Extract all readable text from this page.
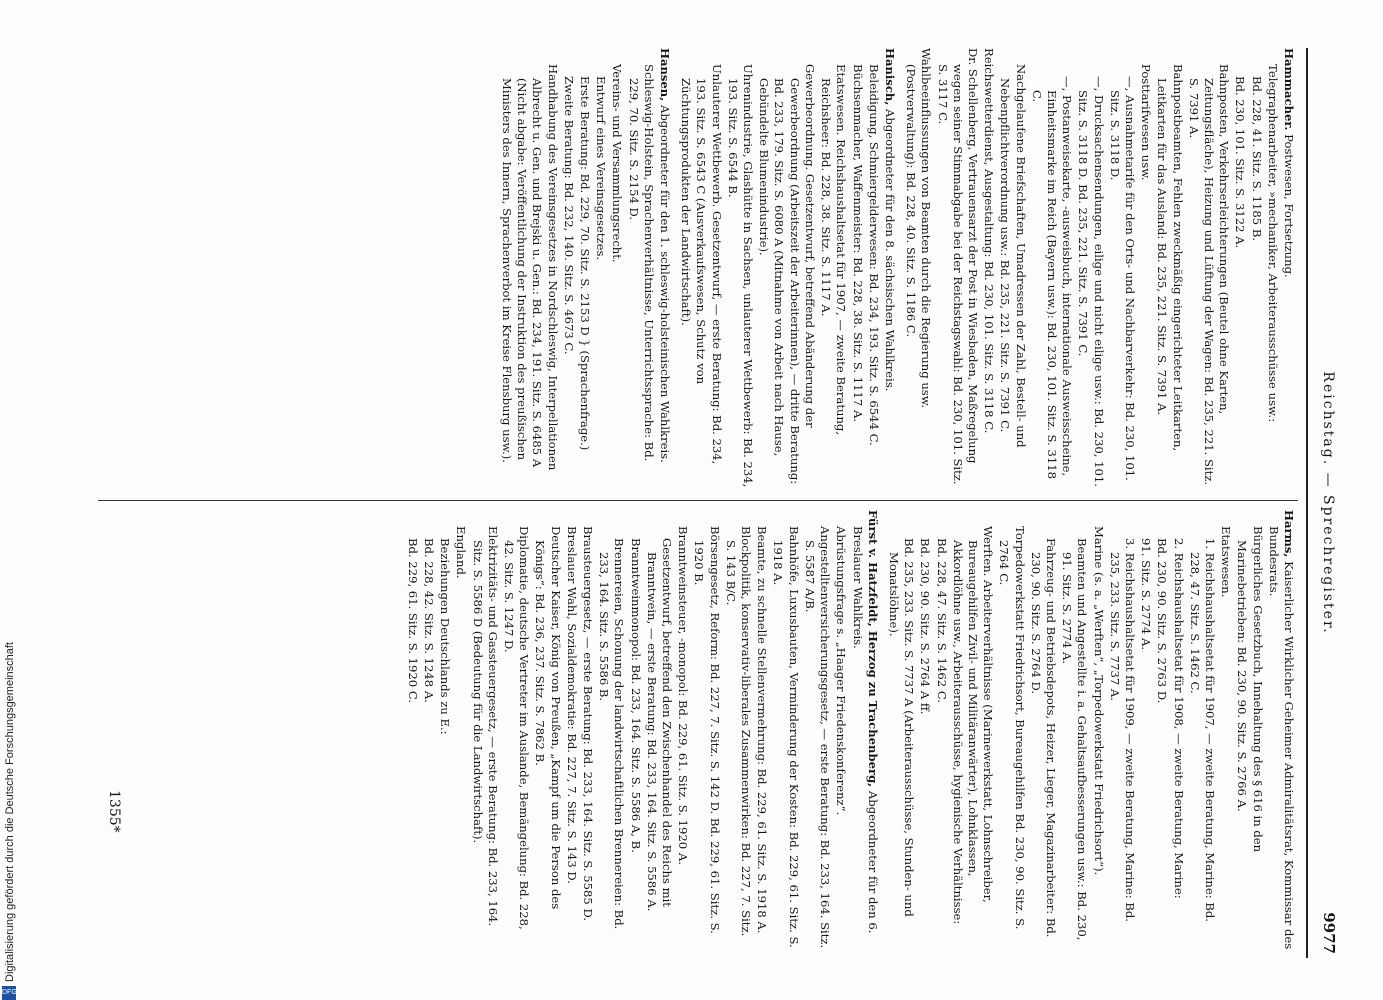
Reichstag. — Sprechregister.
9977
Hammacher. Postwesen, Fortsetzung.
Telegraphenarbeiter, »mechaniker, Arbeiterausschüsse usw.:
Bd. 228, 41. Sitz. S. 1185 B.
Bd. 230, 101. Sitz. S. 3122 A.
Bahnposten, Verkehrserleichterungen (Beutel ohne Karten, Zeitungsfläche), Heizung und Lüftung der Wagen: Bd. 235, 221. Sitz. S. 7391 A.
Bahnpostbeamten, Fehlen zweckmäßig eingerichteter Leitkarten, Leitkarten für das Ausland: Bd. 235, 221. Sitz. S. 7391 A.
Posttarifwesen usw.
—, Ausnahmetarife für den Orts- und Nachbarverkehr: Bd. 230, 101. Sitz. S. 3118 D.
—, Drucksachensendungen, eilige und nicht eilige usw.: Bd. 230, 101. Sitz. S. 3118 D. Bd. 235, 221. Sitz. S. 7391 C.
—, Postanweisekarte, ‑ausweisbuch, internationale Ausweisscheine, Einheitsmarke im Reich (Bayern usw.): Bd. 230, 101. Sitz. S. 3118 C.
Nachgelaufene Briefschaften, Umadressen der Zahl, Bestell- und Nebenpflichtverordnung usw.: Bd. 235, 221. Sitz. S. 7391 C.
Reichswetterdienst, Ausgestaltung: Bd. 230, 101. Sitz. S. 3118 C.
Dr. Schellenberg, Vertrauensarzt der Post in Wiesbaden, Maßregelung wegen seiner Stimmabgabe bei der Reichstagswahl: Bd. 230, 101. Sitz. S. 3117 C.
Wahlbeeinflussungen von Beamten durch die Regierung usw. (Postverwaltung): Bd. 228, 40. Sitz. S. 1186 C.
Hanisch, Abgeordneter für den 8. sächsischen Wahlkreis.
Beleidigung, Schmiergelderwesen: Bd. 234, 193. Sitz. S. 6544 C.
Büchsenmacher, Waffenmeister: Bd. 228, 38. Sitz. S. 1117 A.
Etatswesen. Reichshaushaltsetat für 1907, — zweite Beratung, Reichsheer: Bd. 228, 38. Sitz. S. 1117 A.
Gewerbeordnung. Gesetzentwurf, betreffend Abänderung der Gewerbeordnung (Arbeitszeit der Arbeiterinnen), — dritte Beratung: Bd. 233, 179. Sitz. S. 6080 A (Mitnahme von Arbeit nach Hause, Gebündelte Blumenindustrie).
Uhrenindustrie, Glashütte in Sachsen, unlauterer Wettbewerb: Bd. 234, 193. Sitz. S. 6544 B.
Unlauterer Wettbewerb. Gesetzentwurf, — erste Beratung: Bd. 234, 193. Sitz. S. 6543 C (Ausverkaufswesen, Schutz von Züchtungsprodukten der Landwirtschaft).
Hansen, Abgeordneter für den 1. schleswig-holsteinischen Wahlkreis.
Schleswig-Holstein, Sprachenverhältnisse, Unterrichtssprache: Bd. 229, 70. Sitz. S. 2154 D.
Vereins- und Versammlungsrecht.
Entwurf eines Vereinsgesetzes.
Erste Beratung: Bd. 229, 70. Sitz. S. 2153 D } (Sprachenfrage.)
Zweite Beratung: Bd. 232, 140. Sitz. S. 4673 C.
Handhabung des Vereinsgesetzes in Nordschleswig, Interpellationen Albrecht u. Gen. und Brejski u. Gen.: Bd. 234, 191. Sitz. S. 6485 A (Nicht abgabe: Veröffentlichung der Instruktion des preußischen Ministers des Innern, Sprachenverbot im Kreise Flensburg usw.).
Harms, Kaiserlicher Wirklicher Geheimer Admiralitätsrat, Kommissar des Bundesrats.
Bürgerliches Gesetzbuch, Innehaltung des § 616 in den Marinebetrieben: Bd. 230, 90. Sitz. S. 2766 A.
Etatswesen.
1. Reichshaushaltsetat für 1907, — zweite Beratung, Marine: Bd. 228, 47. Sitz. S. 1462 C.
2. Reichshaushaltsetat für 1908, — zweite Beratung, Marine:
Bd. 230, 90. Sitz. S. 2763 D.
91. Sitz. S. 2774 A.
3. Reichshaushaltsetat für 1909, — zweite Beratung, Marine: Bd. 235, 233. Sitz. S. 7737 A.
Marine (s. a. „Werften“, „Torpedowerkstatt Friedrichsort“).
Beamten und Angestellte i. a. Gehaltsaufbesserungen usw.: Bd. 230, 91. Sitz. S. 2774 A.
Fahrzeug- und Betriebsdepots, Heizer, Lieger, Magazinarbeiter: Bd. 230, 90. Sitz. S. 2764 D.
Torpedowerkstatt Friedrichsort, Bureaugehilfen Bd. 230, 90. Sitz. S. 2764 C.
Werften. Arbeiterverhältnisse (Marinewerkstatt, Lohnschreiber, Bureaugehilfen Zivil- und Militäranwärter), Lohnklassen, Akkordlöhne usw., Arbeiterausschüsse, hygienische Verhältnisse:
Bd. 228, 47. Sitz. S. 1462 C.
Bd. 230, 90. Sitz. S. 2764 A ff.
Bd. 235, 233. Sitz. S. 7737 A (Arbeiterausschüsse, Stunden- und Monatslöhne).
Fürst v. Hatzfeldt, Herzog zu Trachenberg, Abgeordneter für den 6. Breslauer Wahlkreis.
Abrüstungsfrage s. „Haager Friedenskonferenz“.
Angestelltenversicherungsgesetz, — erste Beratung: Bd. 233, 164. Sitz. S. 5587 A/B.
Bahnhöfe, Luxusbauten, Verminderung der Kosten: Bd. 229, 61. Sitz. S. 1918 A.
Beamte, zu schnelle Stellenvermehrung: Bd. 229, 61. Sitz. S. 1918 A.
Blockpolitik, konservativ-liberales Zusammenwirken: Bd. 227, 7. Sitz. S. 143 B/C.
Börsengesetz, Reform: Bd. 227, 7. Sitz. S. 142 D. Bd. 229, 61. Sitz. S. 1920 B.
Branntweinsteuer, -monopol: Bd. 229, 61. Sitz. S. 1920 A.
Gesetzentwurf, betreffend den Zwischenhandel des Reichs mit Branntwein, — erste Beratung: Bd. 233, 164. Sitz. S. 5586 A.
Branntweinmonopol: Bd. 233, 164. Sitz. S. 5586 A, B.
Brennereien, Schonung der landwirtschaftlichen Brennereien: Bd. 233, 164. Sitz. S. 5586 B.
Brausteuergesetz, — erste Beratung: Bd. 233, 164. Sitz. S. 5585 D.
Breslauer Wahl, Sozialdemokratie: Bd. 227, 7. Sitz. S. 143 D.
Deutscher Kaiser, König von Preußen, „Kampf um die Person des Königs“: Bd. 236, 237. Sitz. S. 7862 B.
Diplomatie, deutsche Vertreter im Auslande, Bemängelung: Bd. 228, 42. Sitz. S. 1247 D.
Elektrizitäts- und Gassteuergesetz, — erste Beratung: Bd. 233, 164. Sitz. S. 5586 D (Bedeutung für die Landwirtschaft).
England.
Beziehungen Deutschlands zu E.:
Bd. 228, 42. Sitz. S. 1248 A.
Bd. 229, 61. Sitz. S. 1920 C.
1355*
Digitalisierung gefördert durch die Deutsche Forschungsgemeinschaft
DFG
